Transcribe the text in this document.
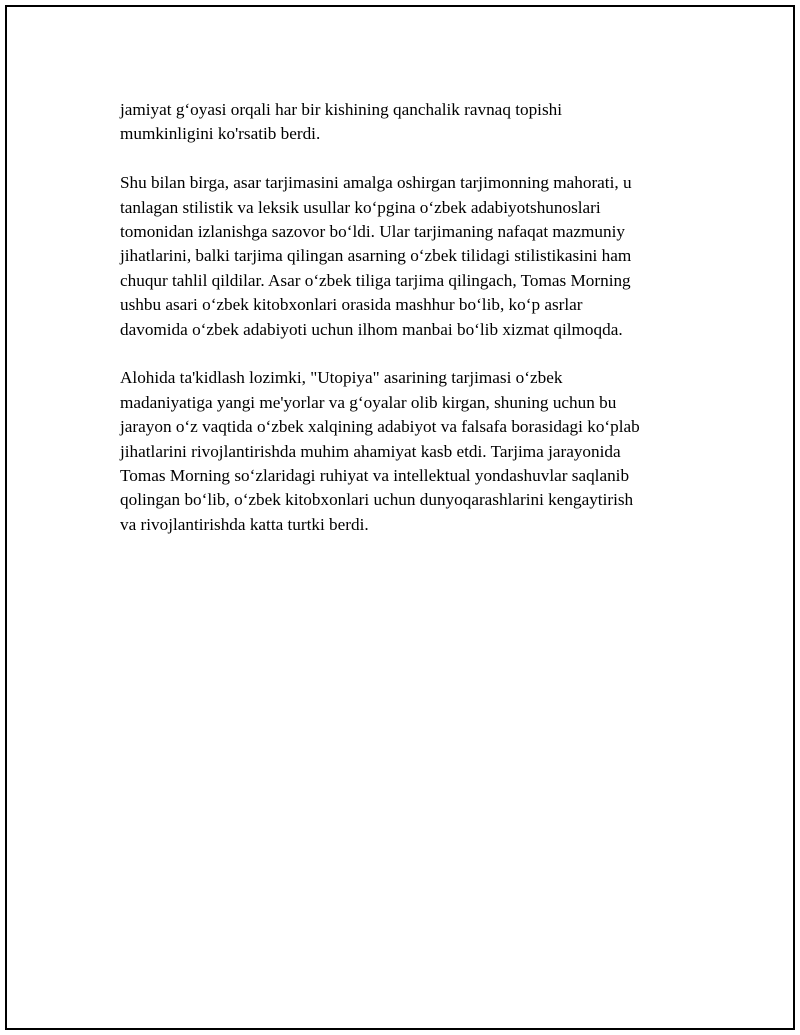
jamiyat g‘oyasi orqali har bir kishining qanchalik ravnaq topishi
mumkinligini ko'rsatib berdi.

Shu bilan birga, asar tarjimasini amalga oshirgan tarjimonning mahorati, u
tanlagan stilistik va leksik usullar ko‘pgina o‘zbek adabiyotshunoslari
tomonidan izlanishga sazovor bo‘ldi. Ular tarjimaning nafaqat mazmuniy
jihatlarini, balki tarjima qilingan asarning o‘zbek tilidagi stilistikasini ham
chuqur tahlil qildilar. Asar o‘zbek tiliga tarjima qilingach, Tomas Morning
ushbu asari o‘zbek kitobxonlari orasida mashhur bo‘lib, ko‘p asrlar
davomida o‘zbek adabiyoti uchun ilhom manbai bo‘lib xizmat qilmoqda.

Alohida ta'kidlash lozimki, "Utopiya" asarining tarjimasi o‘zbek
madaniyatiga yangi me'yorlar va g‘oyalar olib kirgan, shuning uchun bu
jarayon o‘z vaqtida o‘zbek xalqining adabiyot va falsafa borasidagi ko‘plab
jihatlarini rivojlantirishda muhim ahamiyat kasb etdi. Tarjima jarayonida
Tomas Morning so‘zlaridagi ruhiyat va intellektual yondashuvlar saqlanib
qolingan bo‘lib, o‘zbek kitobxonlari uchun dunyoqarashlarini kengaytirish
va rivojlantirishda katta turtki berdi.
